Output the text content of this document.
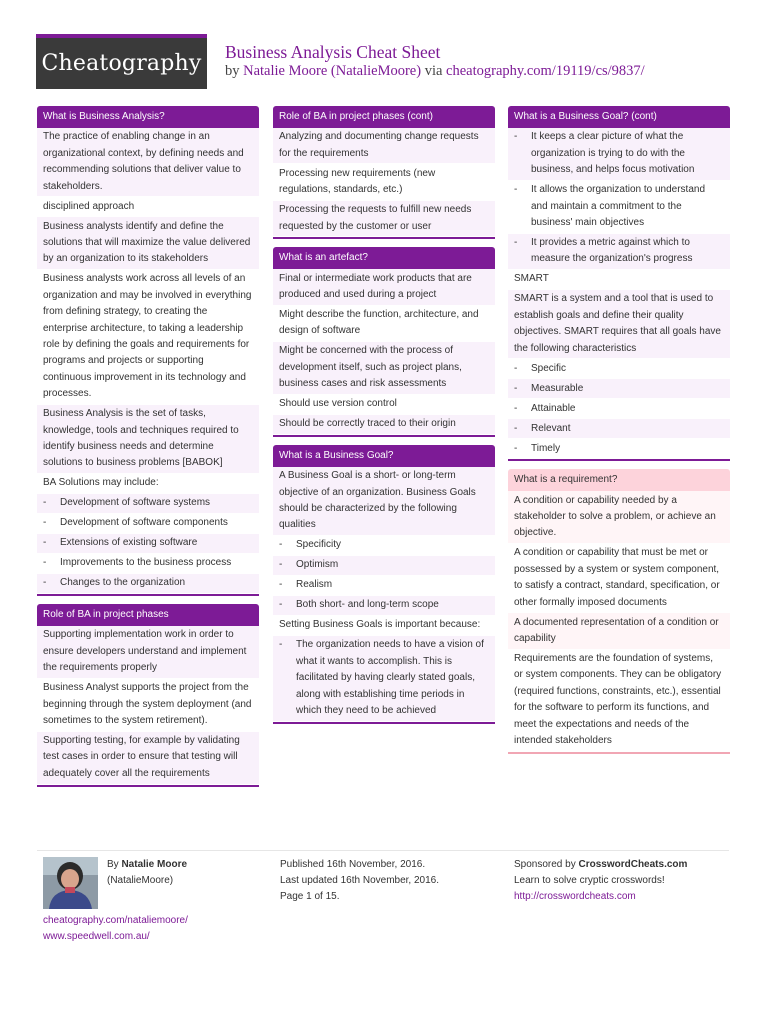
Cheatography	Business Analysis Cheat Sheet
by Natalie Moore (NatalieMoore) via cheatography.com/19119/cs/9837/
What is Business Analysis?
The practice of enabling change in an organizational context, by defining needs and recommending solutions that deliver value to stakeholders.
disciplined approach
Business analysts identify and define the solutions that will maximize the value delivered by an organization to its stakeholders
Business analysts work across all levels of an organization and may be involved in everything from defining strategy, to creating the enterprise architecture, to taking a leadership role by defining the goals and requirements for programs and projects or supporting continuous improvement in its technology and processes.
Business Analysis is the set of tasks, knowledge, tools and techniques required to identify business needs and determine solutions to business problems [BABOK]
BA Solutions may include:
-	Development of software systems
-	Development of software components
-	Extensions of existing software
-	Improvements to the business process
-	Changes to the organization
Role of BA in project phases
Supporting implementation work in order to ensure developers understand and implement the requirements properly
Business Analyst supports the project from the beginning through the system deployment (and sometimes to the system retirement).
Supporting testing, for example by validating test cases in order to ensure that testing will adequately cover all the requirements
Role of BA in project phases (cont)
Analyzing and documenting change requests for the requirements
Processing new requirements (new regulations, standards, etc.)
Processing the requests to fulfill new needs requested by the customer or user
What is an artefact?
Final or intermediate work products that are produced and used during a project
Might describe the function, architecture, and design of software
Might be concerned with the process of development itself, such as project plans, business cases and risk assessments
Should use version control
Should be correctly traced to their origin
What is a Business Goal?
A Business Goal is a short- or long-term objective of an organization. Business Goals should be characterized by the following qualities
-	Specificity
-	Optimism
-	Realism
-	Both short- and long-term scope
Setting Business Goals is important because:
-	The organization needs to have a vision of what it wants to accomplish. This is facilitated by having clearly stated goals, along with establishing time periods in which they need to be achieved
What is a Business Goal? (cont)
-	It keeps a clear picture of what the organization is trying to do with the business, and helps focus motivation
-	It allows the organization to understand and maintain a commitment to the business' main objectives
-	It provides a metric against which to measure the organization's progress
SMART
SMART is a system and a tool that is used to establish goals and define their quality objectives. SMART requires that all goals have the following characteristics
-	Specific
-	Measurable
-	Attainable
-	Relevant
-	Timely
What is a requirement?
A condition or capability needed by a stakeholder to solve a problem, or achieve an objective.
A condition or capability that must be met or possessed by a system or system component, to satisfy a contract, standard, specification, or other formally imposed documents
A documented representation of a condition or capability
Requirements are the foundation of systems, or system components. They can be obligatory (required functions, constraints, etc.), essential for the software to perform its functions, and meet the expectations and needs of the intended stakeholders
By Natalie Moore
(NatalieMoore)
cheatography.com/nataliemoore/
www.speedwell.com.au/
Published 16th November, 2016.
Last updated 16th November, 2016.
Page 1 of 15.
Sponsored by CrosswordCheats.com
Learn to solve cryptic crosswords!
http://crosswordcheats.com
